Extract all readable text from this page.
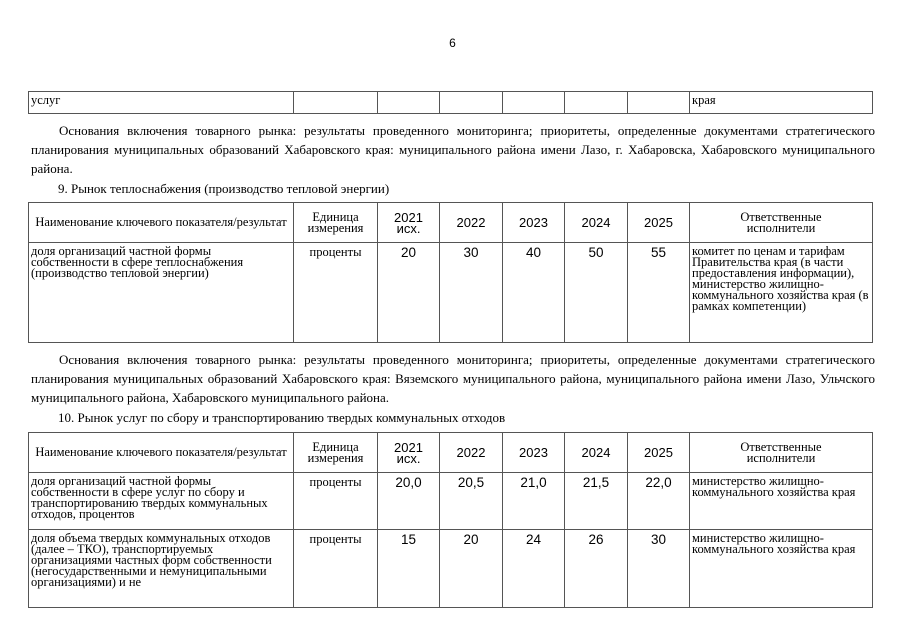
6
услуг							края

Основания включения товарного рынка: результаты проведенного мониторинга; приоритеты, определенные документами стратегического планирования муниципальных образований Хабаровского края: муниципального района имени Лазо, г. Хабаровска, Хабаровского муниципального района.

9. Рынок теплоснабжения (производство тепловой энергии)

Наименование ключевого показателя/результат	Единица измерения	2021 исх.	2022	2023	2024	2025	Ответственные исполнители
доля организаций частной формы собственности в сфере теплоснабжения (производство тепловой энергии)	проценты	20	30	40	50	55	комитет по ценам и тарифам Правительства края (в части предоставления информации), министерство жилищно-коммунального хозяйства края (в рамках компетенции)

Основания включения товарного рынка: результаты проведенного мониторинга; приоритеты, определенные документами стратегического планирования муниципальных образований Хабаровского края: Вяземского муниципального района, муниципального района имени Лазо, Ульчского муниципального района, Хабаровского муниципального района.

10. Рынок услуг по сбору и транспортированию твердых коммунальных отходов

Наименование ключевого показателя/результат	Единица измерения	2021 исх.	2022	2023	2024	2025	Ответственные исполнители
доля организаций частной формы собственности в сфере услуг по сбору и транспортированию твердых коммунальных отходов, процентов	проценты	20,0	20,5	21,0	21,5	22,0	министерство жилищно-коммунального хозяйства края
доля объема твердых коммунальных отходов (далее – ТКО), транспортируемых организациями частных форм собственности (негосударственными и немуниципальными организациями) и не	проценты	15	20	24	26	30	министерство жилищно-коммунального хозяйства края
